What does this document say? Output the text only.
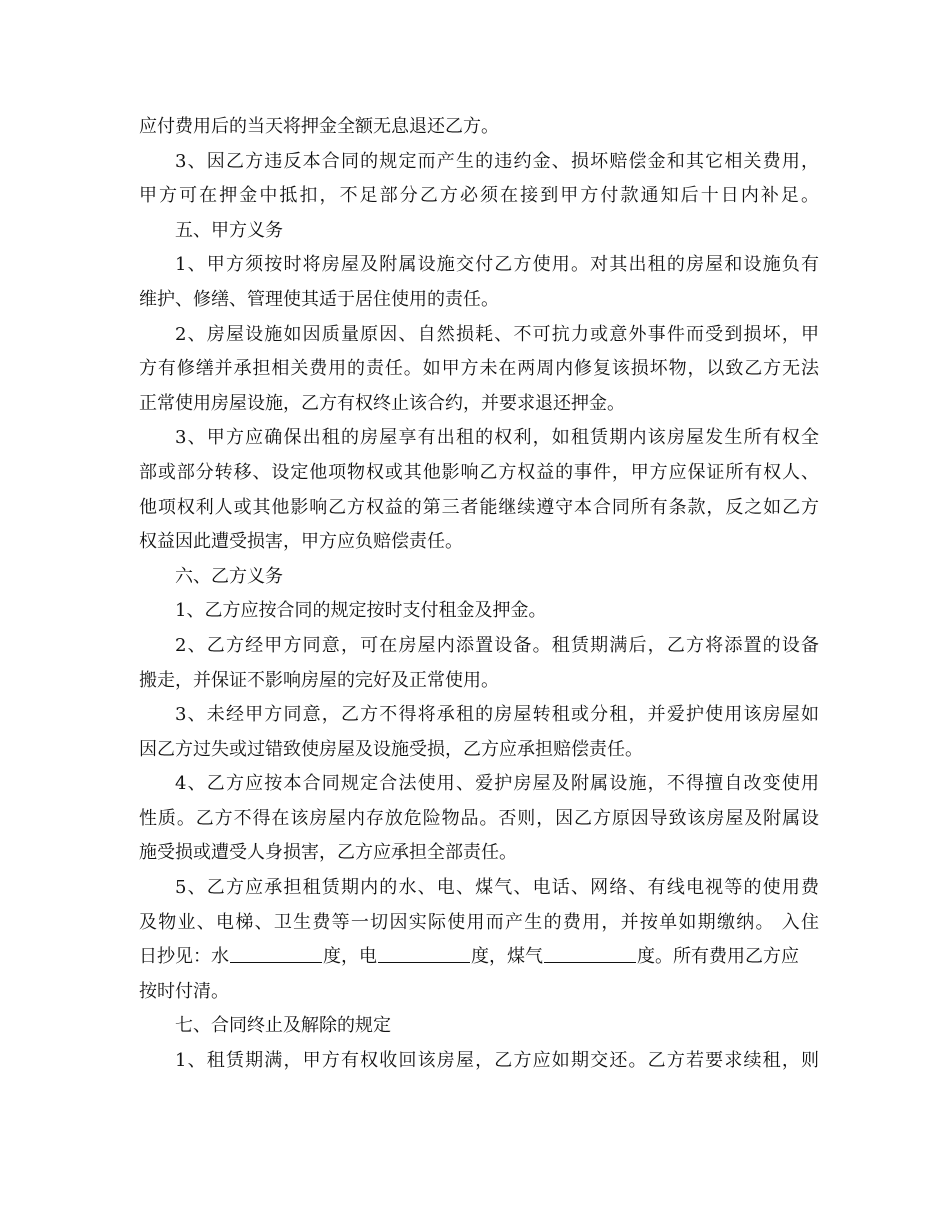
应付费用后的当天将押金全额无息退还乙方。
3、因乙方违反本合同的规定而产生的违约金、损坏赔偿金和其它相关费用，
甲方可在押金中抵扣，不足部分乙方必须在接到甲方付款通知后十日内补足。
五、甲方义务
1、甲方须按时将房屋及附属设施交付乙方使用。对其出租的房屋和设施负有
维护、修缮、管理使其适于居住使用的责任。
2、房屋设施如因质量原因、自然损耗、不可抗力或意外事件而受到损坏，甲
方有修缮并承担相关费用的责任。如甲方未在两周内修复该损坏物，以致乙方无法
正常使用房屋设施，乙方有权终止该合约，并要求退还押金。
3、甲方应确保出租的房屋享有出租的权利，如租赁期内该房屋发生所有权全
部或部分转移、设定他项物权或其他影响乙方权益的事件，甲方应保证所有权人、
他项权利人或其他影响乙方权益的第三者能继续遵守本合同所有条款，反之如乙方
权益因此遭受损害，甲方应负赔偿责任。
六、乙方义务
1、乙方应按合同的规定按时支付租金及押金。
2、乙方经甲方同意，可在房屋内添置设备。租赁期满后，乙方将添置的设备
搬走，并保证不影响房屋的完好及正常使用。
3、未经甲方同意，乙方不得将承租的房屋转租或分租，并爱护使用该房屋如
因乙方过失或过错致使房屋及设施受损，乙方应承担赔偿责任。
4、乙方应按本合同规定合法使用、爱护房屋及附属设施，不得擅自改变使用
性质。乙方不得在该房屋内存放危险物品。否则，因乙方原因导致该房屋及附属设
施受损或遭受人身损害，乙方应承担全部责任。
5、乙方应承担租赁期内的水、电、煤气、电话、网络、有线电视等的使用费
及物业、电梯、卫生费等一切因实际使用而产生的费用，并按单如期缴纳。 入住
日抄见：水	度，电	度，煤气	度。所有费用乙方应
按时付清。
七、合同终止及解除的规定
1、租赁期满，甲方有权收回该房屋，乙方应如期交还。乙方若要求续租，则
